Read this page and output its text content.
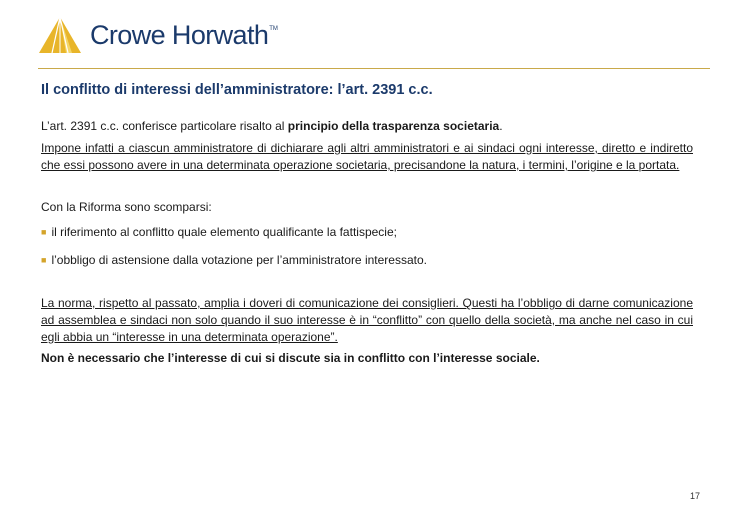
Crowe Horwath TM
Il conflitto di interessi dell’amministratore: l’art. 2391 c.c.

L’art. 2391 c.c. conferisce particolare risalto al principio della trasparenza societaria.

Impone infatti a ciascun amministratore di dichiarare agli altri amministratori e ai sindaci ogni interesse, diretto e indiretto che essi possono avere in una determinata operazione societaria, precisandone la natura, i termini, l’origine e la portata.

Con la Riforma sono scomparsi:

■ il riferimento al conflitto quale elemento qualificante la fattispecie;
■ l’obbligo di astensione dalla votazione per l’amministratore interessato.

La norma, rispetto al passato, amplia i doveri di comunicazione dei consiglieri. Questi ha l’obbligo di darne comunicazione ad assemblea e sindaci non solo quando il suo interesse è in “conflitto” con quello della società, ma anche nel caso in cui egli abbia un “interesse in una determinata operazione”.

Non è necessario che l’interesse di cui si discute sia in conflitto con l’interesse sociale.

17
